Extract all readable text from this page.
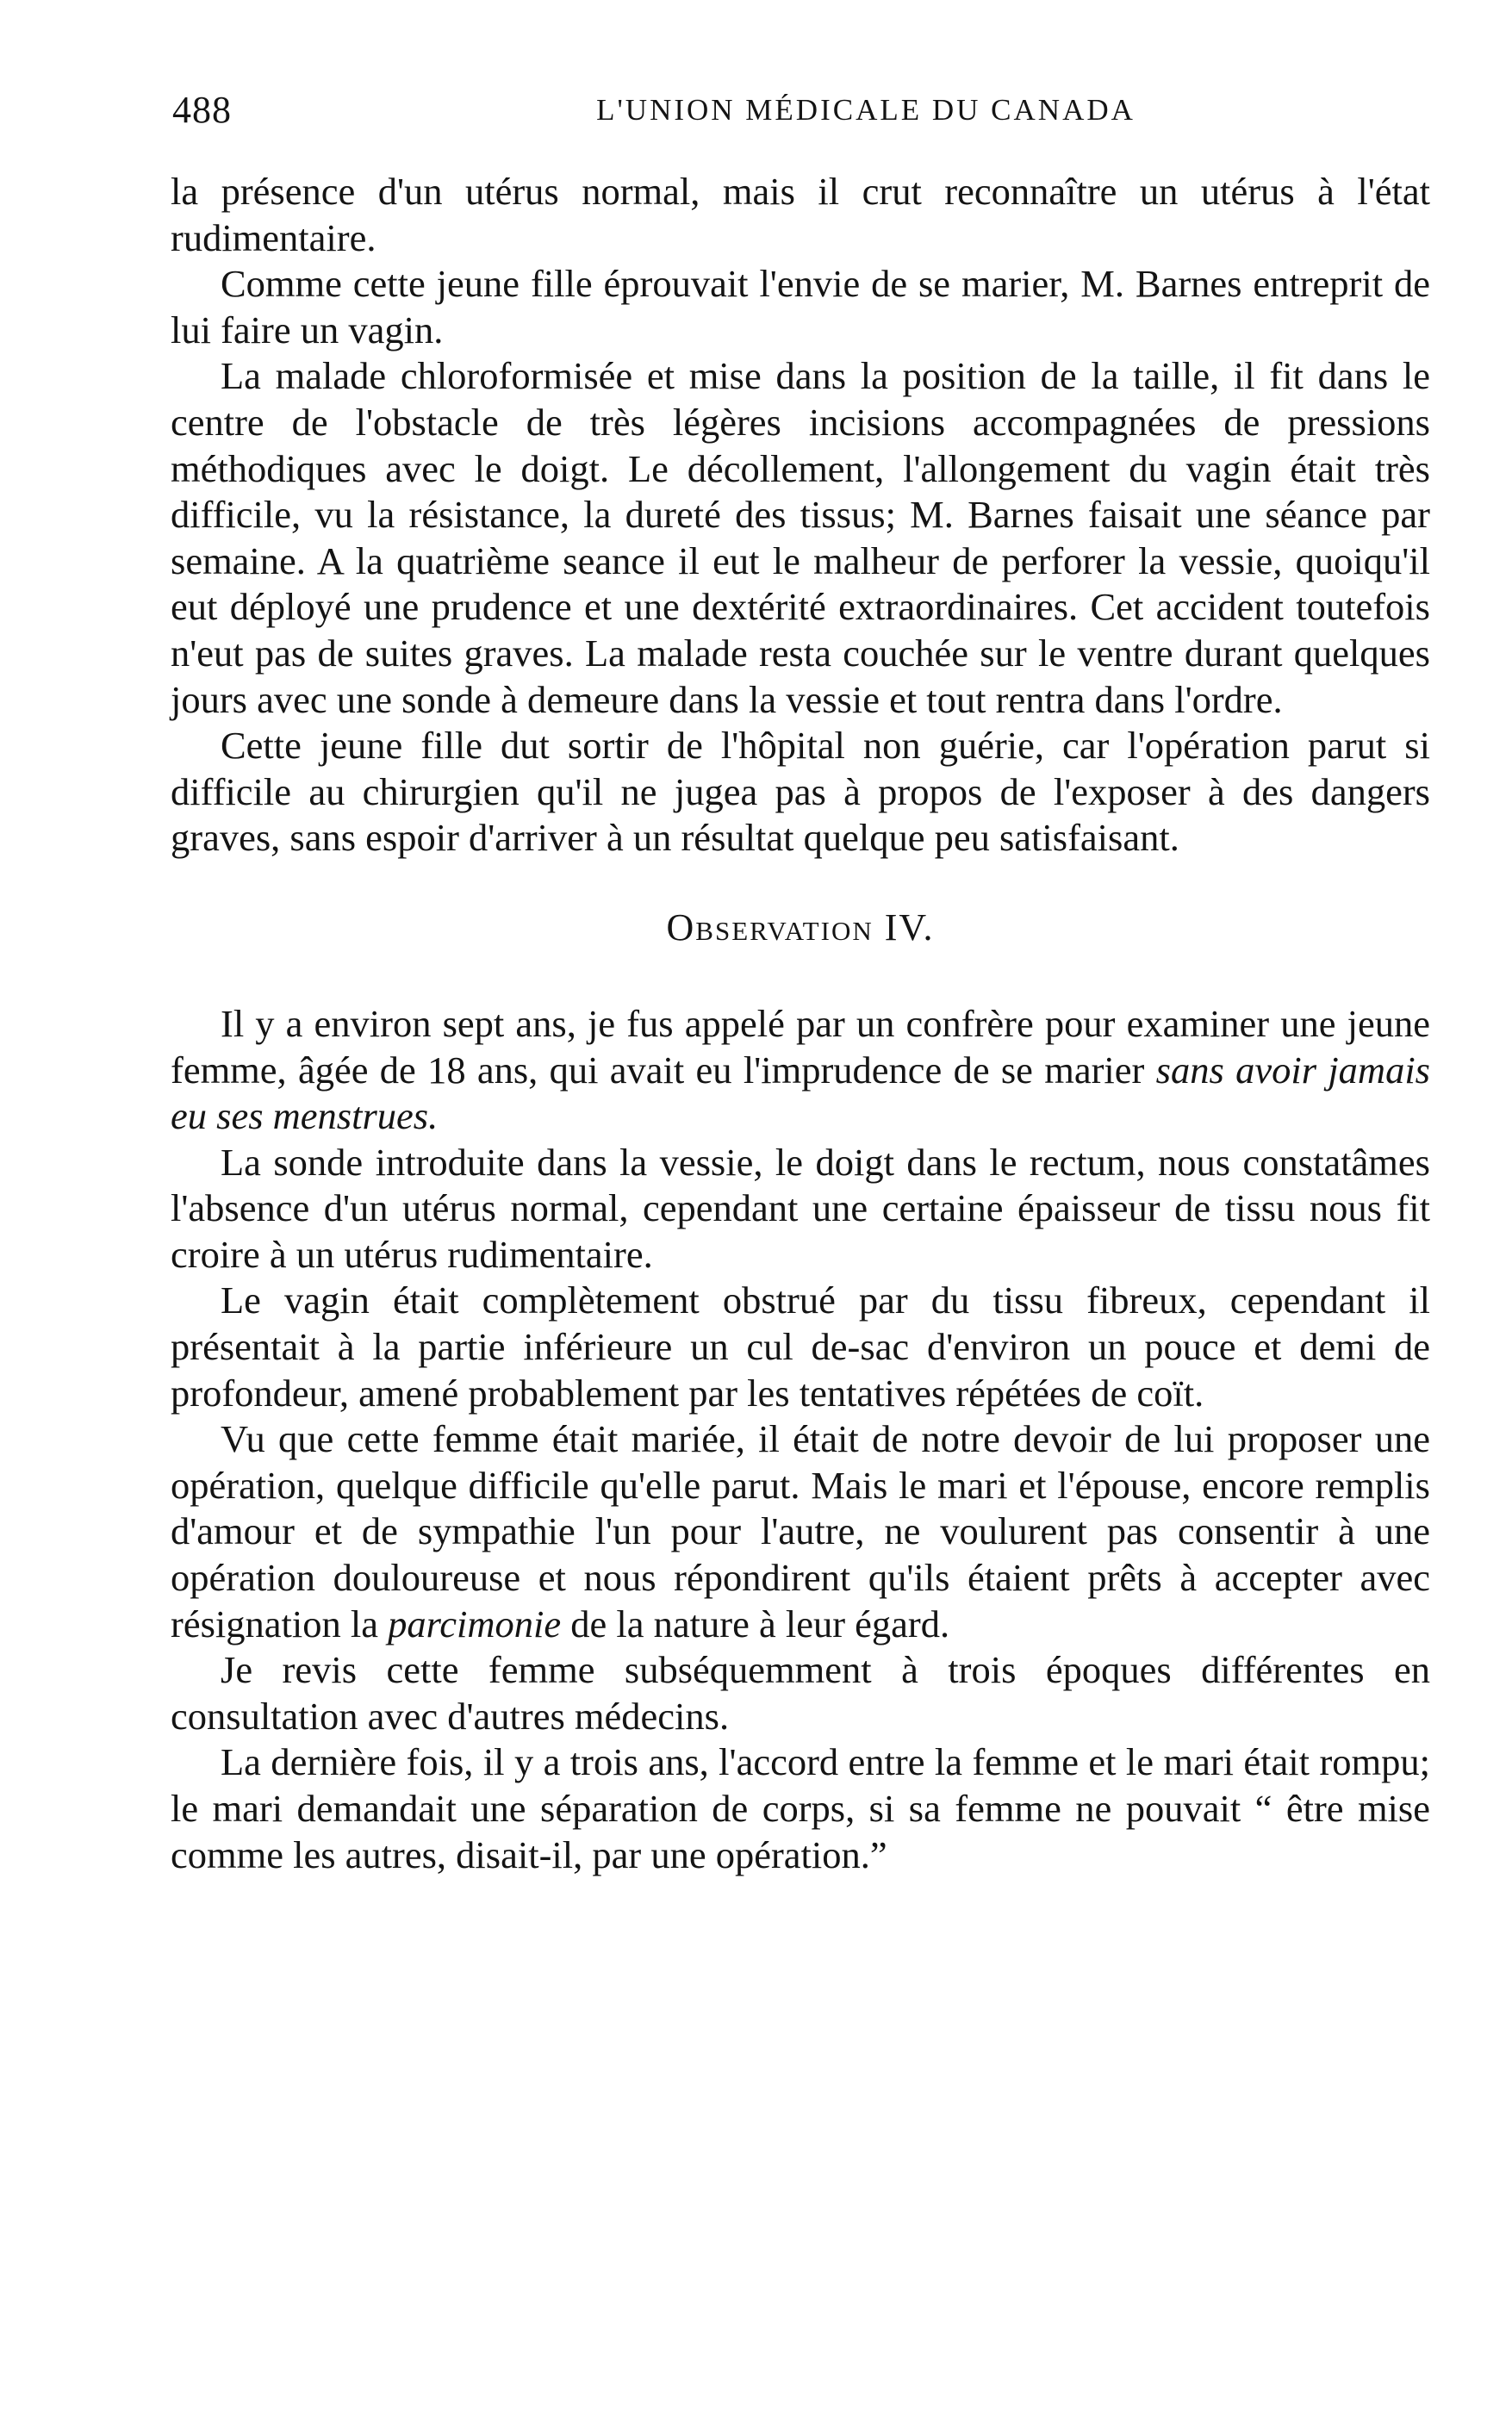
488	L'UNION MÉDICALE DU CANADA

la présence d'un utérus normal, mais il crut reconnaître un utérus à l'état rudimentaire.

Comme cette jeune fille éprouvait l'envie de se marier, M. Barnes entreprit de lui faire un vagin.

La malade chloroformisée et mise dans la position de la taille, il fit dans le centre de l'obstacle de très légères incisions accompagnées de pressions méthodiques avec le doigt. Le décollement, l'allongement du vagin était très difficile, vu la résistance, la dureté des tissus; M. Barnes faisait une séance par semaine. A la quatrième seance il eut le malheur de perforer la vessie, quoiqu'il eut déployé une prudence et une dextérité extraordinaires. Cet accident toutefois n'eut pas de suites graves. La malade resta couchée sur le ventre durant quelques jours avec une sonde à demeure dans la vessie et tout rentra dans l'ordre.

Cette jeune fille dut sortir de l'hôpital non guérie, car l'opération parut si difficile au chirurgien qu'il ne jugea pas à propos de l'exposer à des dangers graves, sans espoir d'arriver à un résultat quelque peu satisfaisant.

Observation IV.

Il y a environ sept ans, je fus appelé par un confrère pour examiner une jeune femme, âgée de 18 ans, qui avait eu l'imprudence de se marier sans avoir jamais eu ses menstrues.

La sonde introduite dans la vessie, le doigt dans le rectum, nous constatâmes l'absence d'un utérus normal, cependant une certaine épaisseur de tissu nous fit croire à un utérus rudimentaire.

Le vagin était complètement obstrué par du tissu fibreux, cependant il présentait à la partie inférieure un cul de-sac d'environ un pouce et demi de profondeur, amené probablement par les tentatives répétées de coït.

Vu que cette femme était mariée, il était de notre devoir de lui proposer une opération, quelque difficile qu'elle parut. Mais le mari et l'épouse, encore remplis d'amour et de sympathie l'un pour l'autre, ne voulurent pas consentir à une opération douloureuse et nous répondirent qu'ils étaient prêts à accepter avec résignation la parcimonie de la nature à leur égard.

Je revis cette femme subséquemment à trois époques différentes en consultation avec d'autres médecins.

La dernière fois, il y a trois ans, l'accord entre la femme et le mari était rompu; le mari demandait une séparation de corps, si sa femme ne pouvait “ être mise comme les autres, disait-il, par une opération.”
